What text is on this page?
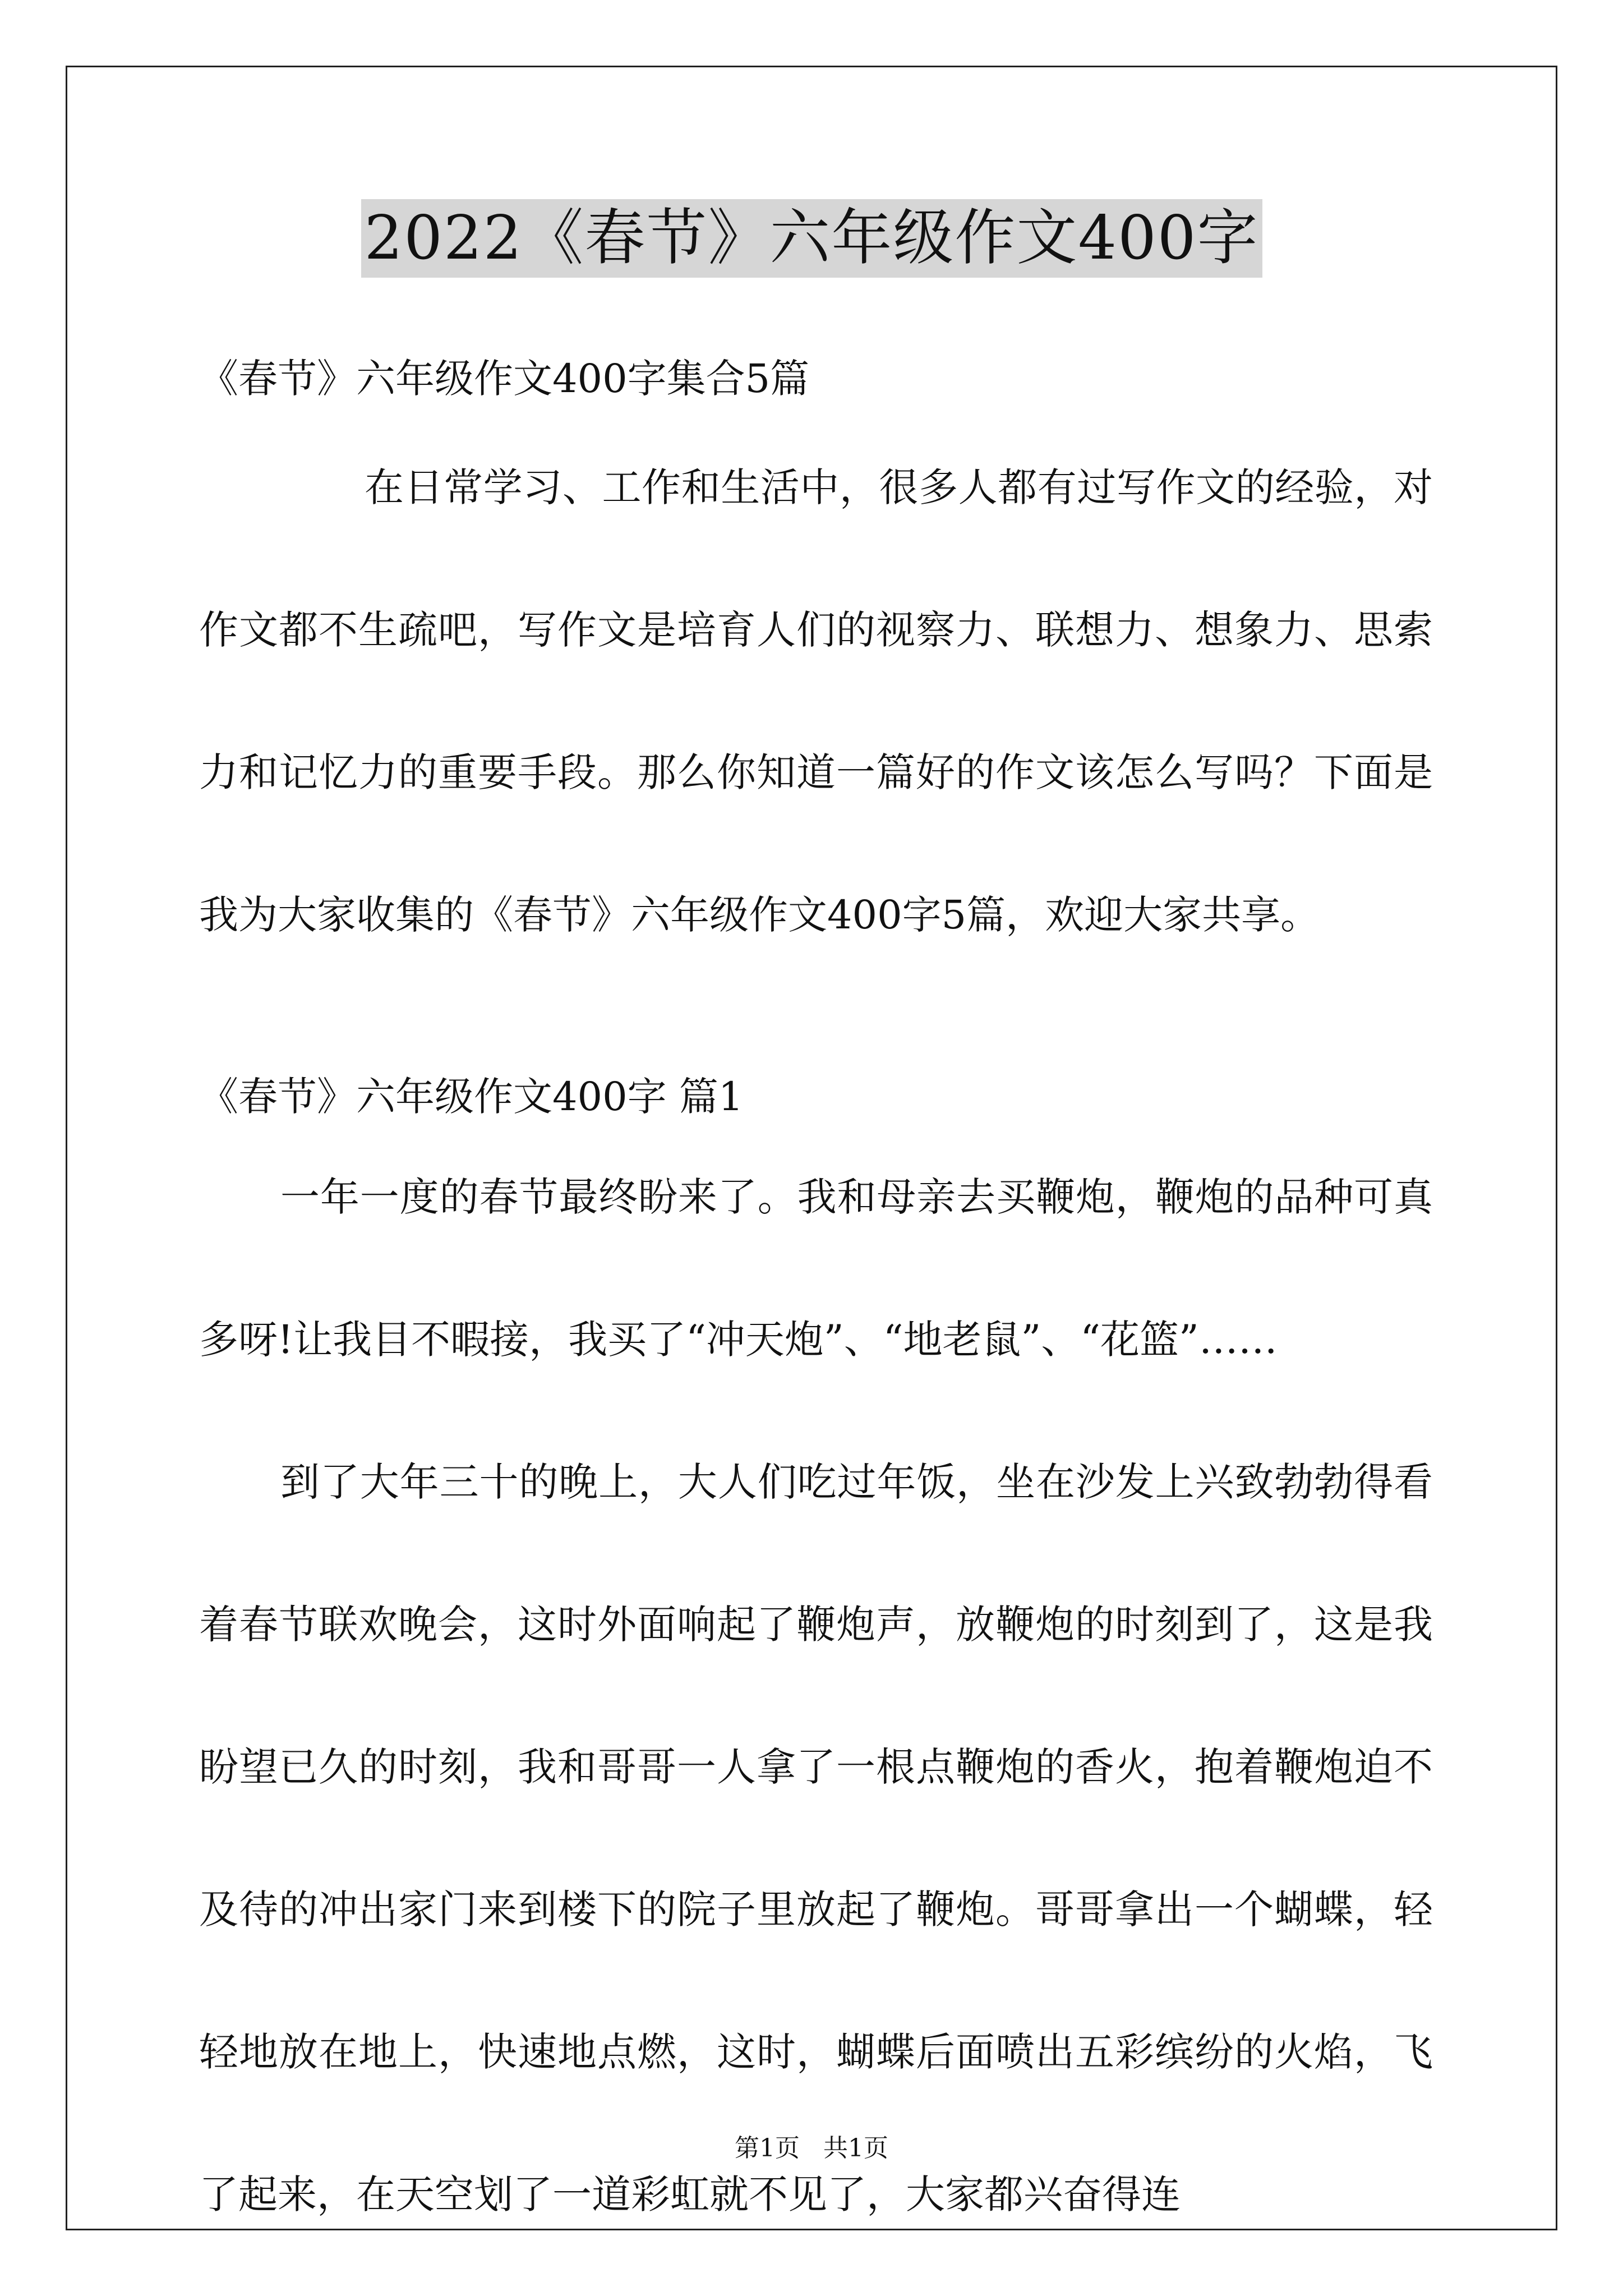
2022《春节》六年级作文400字
《春节》六年级作文400字集合5篇

在日常学习、工作和生活中，很多人都有过写作文的经验，对作文都不生疏吧，写作文是培育人们的视察力、联想力、想象力、思索力和记忆力的重要手段。那么你知道一篇好的作文该怎么写吗？下面是我为大家收集的《春节》六年级作文400字5篇，欢迎大家共享。

《春节》六年级作文400字 篇1

一年一度的春节最终盼来了。我和母亲去买鞭炮，鞭炮的品种可真多呀!让我目不暇接，我买了“冲天炮”、“地老鼠”、“花篮”……

到了大年三十的晚上，大人们吃过年饭，坐在沙发上兴致勃勃得看着春节联欢晚会，这时外面响起了鞭炮声，放鞭炮的时刻到了，这是我盼望已久的时刻，我和哥哥一人拿了一根点鞭炮的香火，抱着鞭炮迫不及待的冲出家门来到楼下的院子里放起了鞭炮。哥哥拿出一个蝴蝶，轻轻地放在地上，快速地点燃，这时，蝴蝶后面喷出五彩缤纷的火焰，飞了起来，在天空划了一道彩虹就不见了，大家都兴奋得连

第1页   共1页
